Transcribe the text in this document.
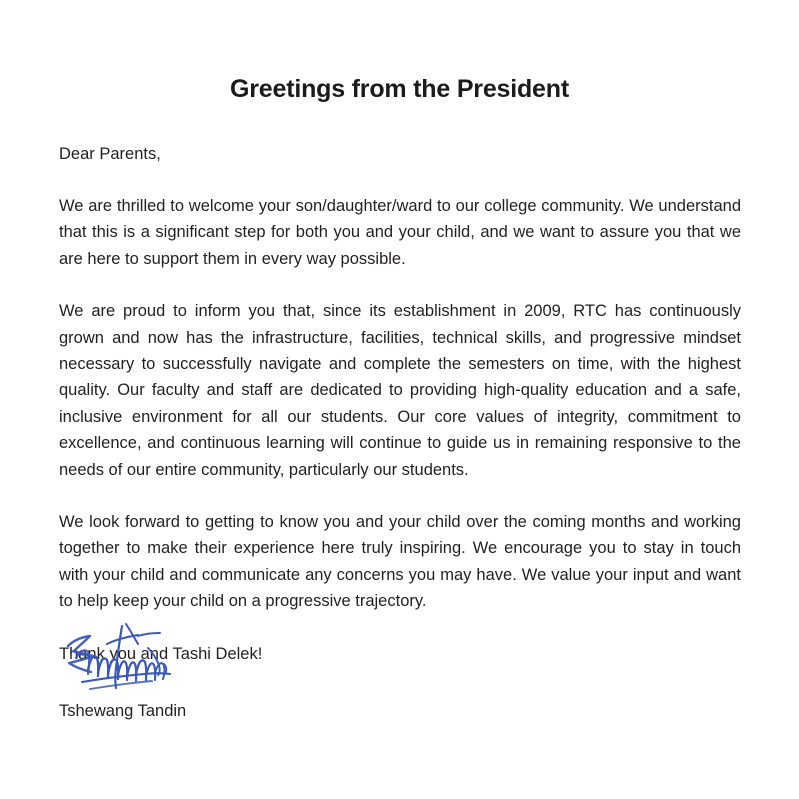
Greetings from the President

Dear Parents,

We are thrilled to welcome your son/daughter/ward to our college community. We understand that this is a significant step for both you and your child, and we want to assure you that we are here to support them in every way possible.

We are proud to inform you that, since its establishment in 2009, RTC has continuously grown and now has the infrastructure, facilities, technical skills, and progressive mindset necessary to successfully navigate and complete the semesters on time, with the highest quality. Our faculty and staff are dedicated to providing high-quality education and a safe, inclusive environment for all our students. Our core values of integrity, commitment to excellence, and continuous learning will continue to guide us in remaining responsive to the needs of our entire community, particularly our students.

We look forward to getting to know you and your child over the coming months and working together to make their experience here truly inspiring. We encourage you to stay in touch with your child and communicate any concerns you may have. We value your input and want to help keep your child on a progressive trajectory.

Thank you and Tashi Delek!

Tshewang Tandin
